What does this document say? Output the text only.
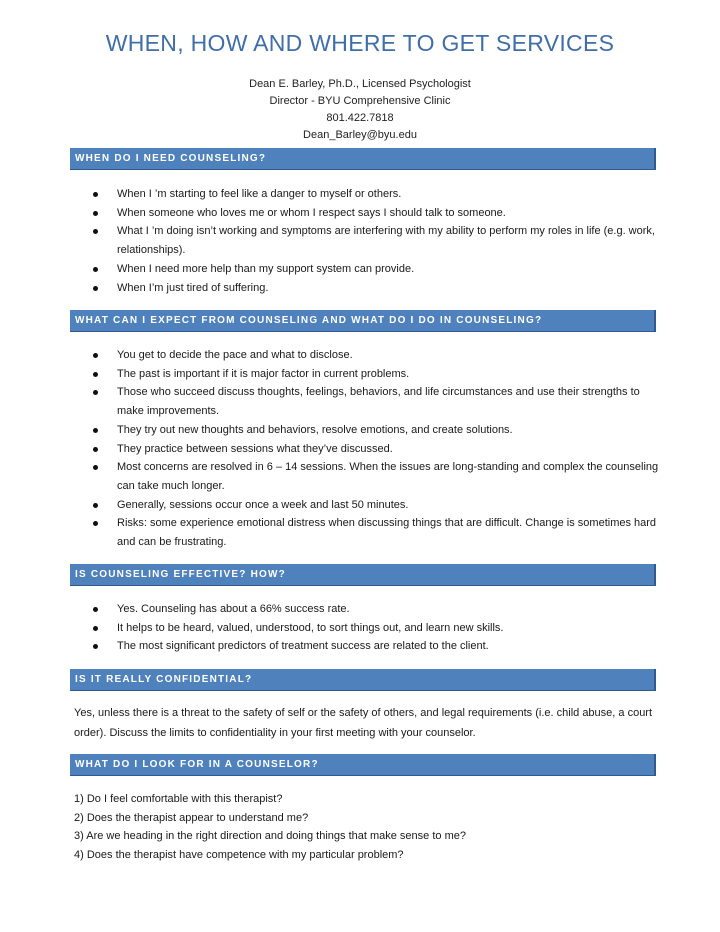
WHEN, HOW AND WHERE TO GET SERVICES
Dean E. Barley, Ph.D., Licensed Psychologist
Director - BYU Comprehensive Clinic
801.422.7818
Dean_Barley@byu.edu
WHEN DO I NEED COUNSELING?
When I ’m starting to feel like a danger to myself or others.
When someone who loves me or whom I respect says I should talk to someone.
What I ’m doing isn’t working and symptoms are interfering with my ability to perform my roles in life (e.g. work, relationships).
When I need more help than my support system can provide.
When I’m just tired of suffering.
WHAT CAN I EXPECT FROM COUNSELING AND WHAT DO I DO IN COUNSELING?
You get to decide the pace and what to disclose.
The past is important if it is major factor in current problems.
Those who succeed discuss thoughts, feelings, behaviors, and life circumstances and use their strengths to make improvements.
They try out new thoughts and behaviors, resolve emotions, and create solutions.
They practice between sessions what they’ve discussed.
Most concerns are resolved in 6 – 14 sessions. When the issues are long-standing and complex the counseling can take much longer.
Generally, sessions occur once a week and last 50 minutes.
Risks: some experience emotional distress when discussing things that are difficult. Change is sometimes hard and can be frustrating.
IS COUNSELING EFFECTIVE? HOW?
Yes. Counseling has about a 66% success rate.
It helps to be heard, valued, understood, to sort things out, and learn new skills.
The most significant predictors of treatment success are related to the client.
IS IT REALLY CONFIDENTIAL?

Yes, unless there is a threat to the safety of self or the safety of others, and legal requirements (i.e. child abuse, a court order). Discuss the limits to confidentiality in your first meeting with your counselor.

WHAT DO I LOOK FOR IN A COUNSELOR?
1) Do I feel comfortable with this therapist?
2) Does the therapist appear to understand me?
3) Are we heading in the right direction and doing things that make sense to me?
4) Does the therapist have competence with my particular problem?
